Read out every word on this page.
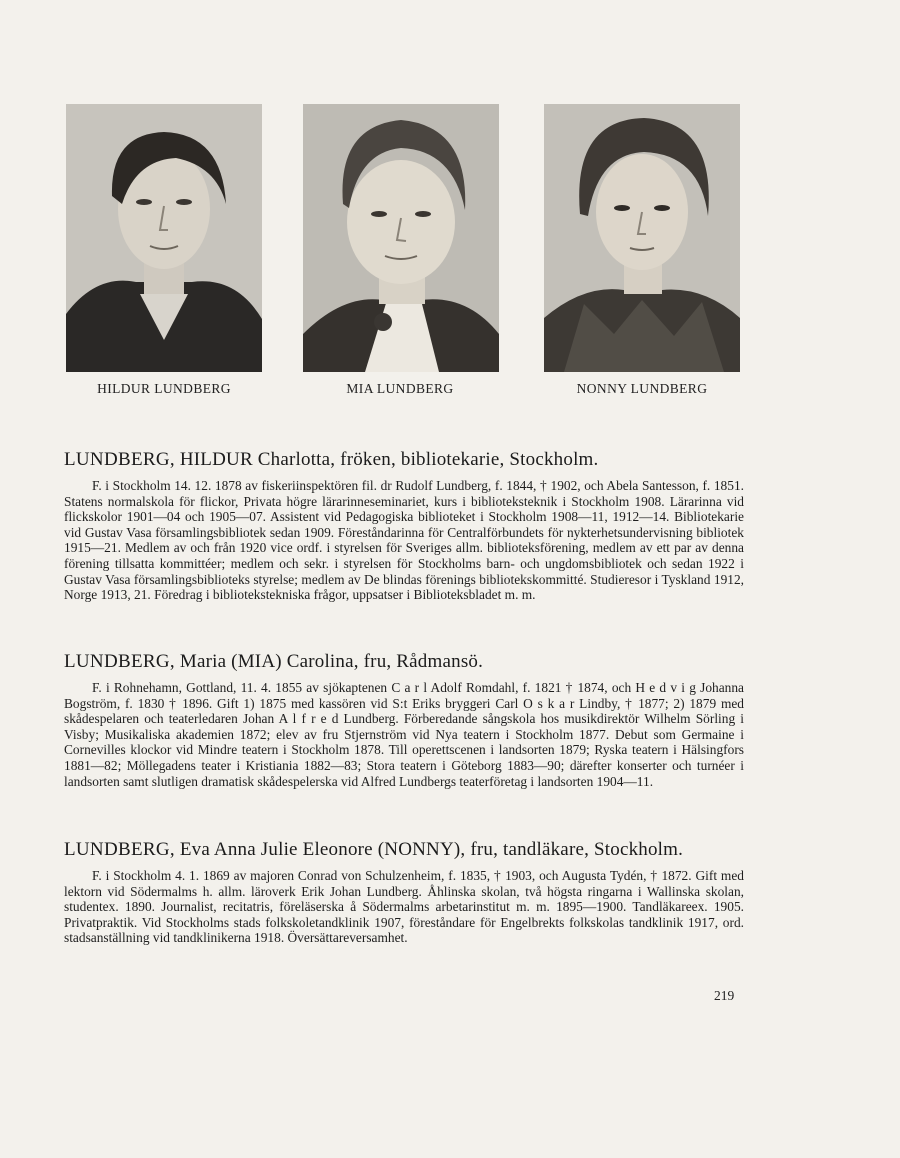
HILDUR LUNDBERG	MIA LUNDBERG	NONNY LUNDBERG
LUNDBERG, HILDUR Charlotta, fröken, bibliotekarie, Stockholm.

F. i Stockholm 14. 12. 1878 av fiskeriinspektören fil. dr Rudolf Lundberg, f. 1844, † 1902, och Abela Santesson, f. 1851. Statens normalskola för flickor, Privata högre lärarinneseminariet, kurs i biblioteksteknik i Stockholm 1908. Lärarinna vid flickskolor 1901—04 och 1905—07. Assistent vid Pedagogiska biblioteket i Stockholm 1908—11, 1912—14. Bibliotekarie vid Gustav Vasa församlingsbibliotek sedan 1909. Föreståndarinna för Centralförbundets för nykterhetsundervisning bibliotek 1915—21. Medlem av och från 1920 vice ordf. i styrelsen för Sveriges allm. biblioteksförening, medlem av ett par av denna förening tillsatta kommittéer; medlem och sekr. i styrelsen för Stockholms barn- och ungdomsbibliotek och sedan 1922 i Gustav Vasa församlingsbiblioteks styrelse; medlem av De blindas förenings bibliotekskommitté. Studieresor i Tyskland 1912, Norge 1913, 21. Föredrag i bibliotekstekniska frågor, uppsatser i Biblioteksbladet m. m.

LUNDBERG, Maria (MIA) Carolina, fru, Rådmansö.

F. i Rohnehamn, Gottland, 11. 4. 1855 av sjökaptenen C a r l Adolf Romdahl, f. 1821 † 1874, och H e d v i g Johanna Bogström, f. 1830 † 1896. Gift 1) 1875 med kassören vid S:t Eriks bryggeri Carl O s k a r Lindby, † 1877; 2) 1879 med skådespelaren och teaterledaren Johan A l f r e d Lundberg. Förberedande sångskola hos musikdirektör Wilhelm Sörling i Visby; Musikaliska akademien 1872; elev av fru Stjernström vid Nya teatern i Stockholm 1877. Debut som Germaine i Cornevilles klockor vid Mindre teatern i Stockholm 1878. Till operettscenen i landsorten 1879; Ryska teatern i Hälsingfors 1881—82; Möllegadens teater i Kristiania 1882—83; Stora teatern i Göteborg 1883—90; därefter konserter och turnéer i landsorten samt slutligen dramatisk skådespelerska vid Alfred Lundbergs teaterföretag i landsorten 1904—11.

LUNDBERG, Eva Anna Julie Eleonore (NONNY), fru, tandläkare, Stockholm.

F. i Stockholm 4. 1. 1869 av majoren Conrad von Schulzenheim, f. 1835, † 1903, och Augusta Tydén, † 1872. Gift med lektorn vid Södermalms h. allm. läroverk Erik Johan Lundberg. Åhlinska skolan, två högsta ringarna i Wallinska skolan, studentex. 1890. Journalist, recitatris, föreläserska å Södermalms arbetarinstitut m. m. 1895—1900. Tandläkareex. 1905. Privatpraktik. Vid Stockholms stads folkskoletandklinik 1907, föreståndare för Engelbrekts folkskolas tandklinik 1917, ord. stadsanställning vid tandklinikerna 1918. Översättareversamhet.

219
